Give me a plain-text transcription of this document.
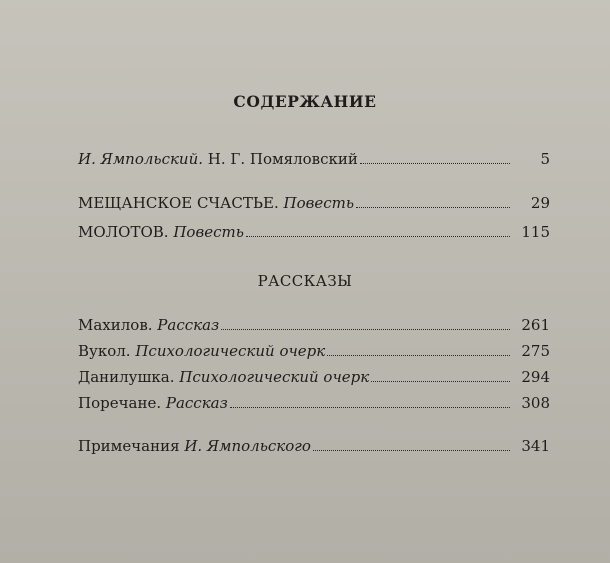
СОДЕРЖАНИЕ
И. Ямпольский. Н. Г. Помяловский	5
МЕЩАНСКОЕ СЧАСТЬЕ. Повесть	29
МОЛОТОВ. Повесть	115
РАССКАЗЫ
Махилов. Рассказ	261
Вукол. Психологический очерк	275
Данилушка. Психологический очерк	294
Поречане. Рассказ	308
Примечания И. Ямпольского	341
